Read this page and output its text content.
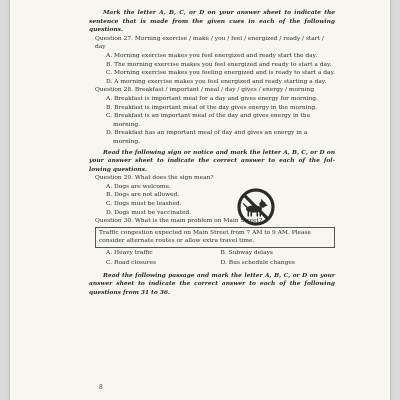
Mark the letter A, B, C, or D on your answer sheet to indicate the sentence that is made from the given cues in each of the following questions.

Question 27. Morning exercise / make / you / feel / energized / ready / start / day
A. Morning exercise makes you feel energized and ready start the day.
B. The morning exercise makes you feel energized and ready to start a day.
C. Morning exercise makes you feeling energized and is ready to start a day.
D. A morning exercise makes you feel energized and ready starting a day.
Question 28. Breakfast / important / meal / day / gives / energy / morning
A. Breakfast is important meal for a day and gives energy for morning.
B. Breakfast is important meal of the day gives energy in the morning.
C. Breakfast is an important meal of the day and gives energy in the morning.
D. Breakfast has an important meal of day and gives an energy in a morning.

Read the following sign or notice and mark the letter A, B, C, or D on your answer sheet to indicate the correct answer to each of the fol- lowing questions.

Question 29. What does the sign mean?
A. Dogs are welcome.
B. Dogs are not allowed.
C. Dogs must be leashed.
D. Dogs must be vaccinated.
Question 30. What is the main problem on Main Street?
Traffic congestion expected on Main Street from 7 AM to 9 AM. Please consider alternate routes or allow extra travel time.
A. Heavy traffic	B. Subway delays
C. Road closures	D. Bus schedule changes

Read the following passage and mark the letter A, B, C, or D on your answer sheet to indicate the correct answer to each of the following questions from 31 to 36.

8
